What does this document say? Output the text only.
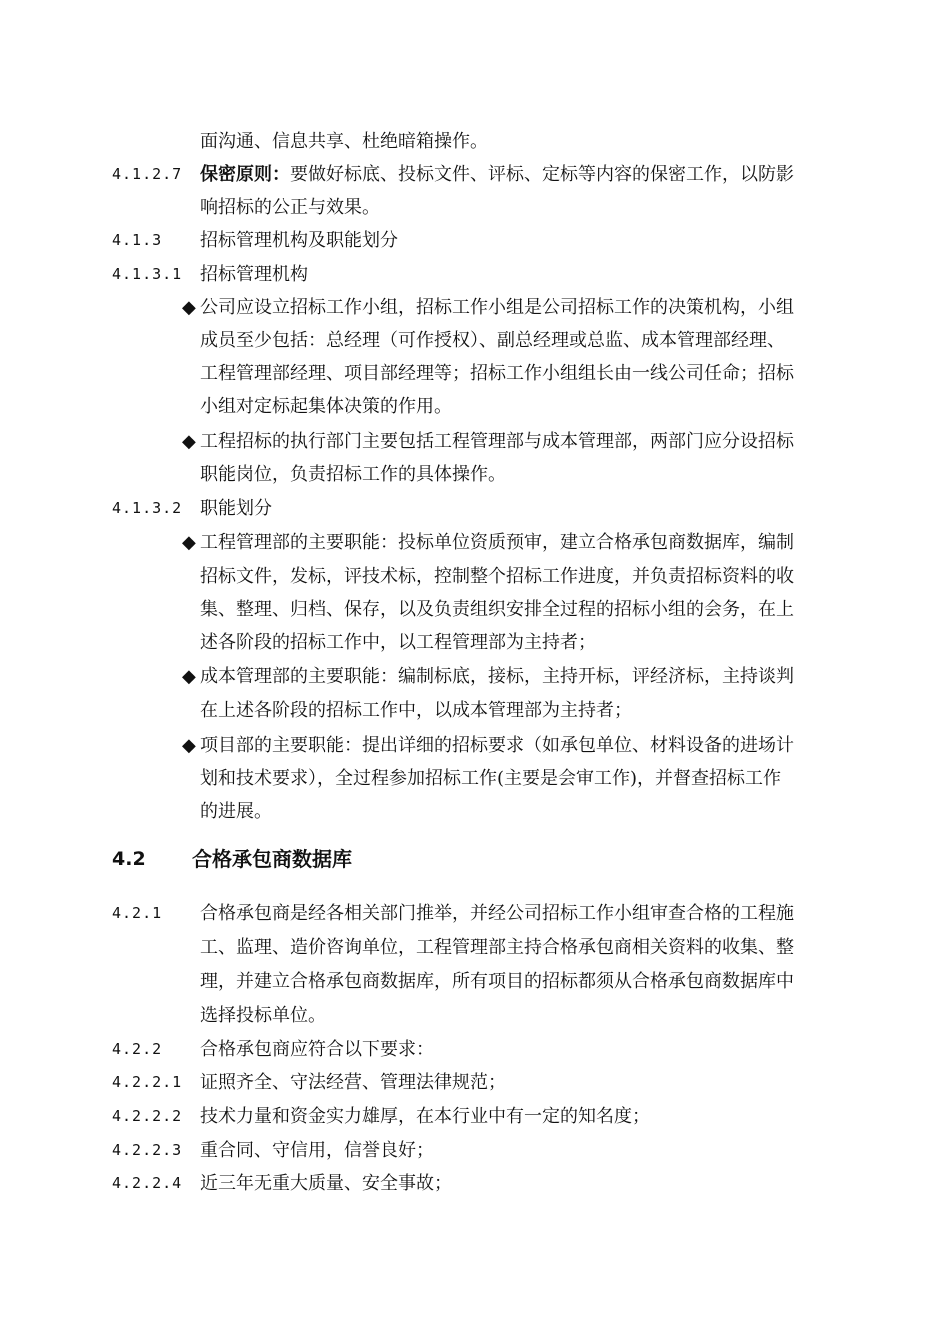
面沟通、信息共享、杜绝暗箱操作。
4.1.2.7 保密原则：要做好标底、投标文件、评标、定标等内容的保密工作，以防影
响招标的公正与效果。
4.1.3 招标管理机构及职能划分
4.1.3.1 招标管理机构
◆ 公司应设立招标工作小组，招标工作小组是公司招标工作的决策机构，小组
成员至少包括：总经理（可作授权）、副总经理或总监、成本管理部经理、
工程管理部经理、项目部经理等；招标工作小组组长由一线公司任命；招标
小组对定标起集体决策的作用。
◆ 工程招标的执行部门主要包括工程管理部与成本管理部，两部门应分设招标
职能岗位，负责招标工作的具体操作。
4.1.3.2 职能划分
◆ 工程管理部的主要职能：投标单位资质预审，建立合格承包商数据库，编制
招标文件，发标，评技术标，控制整个招标工作进度，并负责招标资料的收
集、整理、归档、保存，以及负责组织安排全过程的招标小组的会务，在上
述各阶段的招标工作中，以工程管理部为主持者；
◆ 成本管理部的主要职能：编制标底，接标，主持开标，评经济标，主持谈判
在上述各阶段的招标工作中，以成本管理部为主持者；
◆ 项目部的主要职能：提出详细的招标要求（如承包单位、材料设备的进场计
划和技术要求），全过程参加招标工作(主要是会审工作)，并督查招标工作
的进展。
4.2 合格承包商数据库
4.2.1 合格承包商是经各相关部门推举，并经公司招标工作小组审查合格的工程施
工、监理、造价咨询单位，工程管理部主持合格承包商相关资料的收集、整
理，并建立合格承包商数据库，所有项目的招标都须从合格承包商数据库中
选择投标单位。
4.2.2 合格承包商应符合以下要求：
4.2.2.1 证照齐全、守法经营、管理法律规范；
4.2.2.2 技术力量和资金实力雄厚，在本行业中有一定的知名度；
4.2.2.3 重合同、守信用，信誉良好；
4.2.2.4 近三年无重大质量、安全事故；
